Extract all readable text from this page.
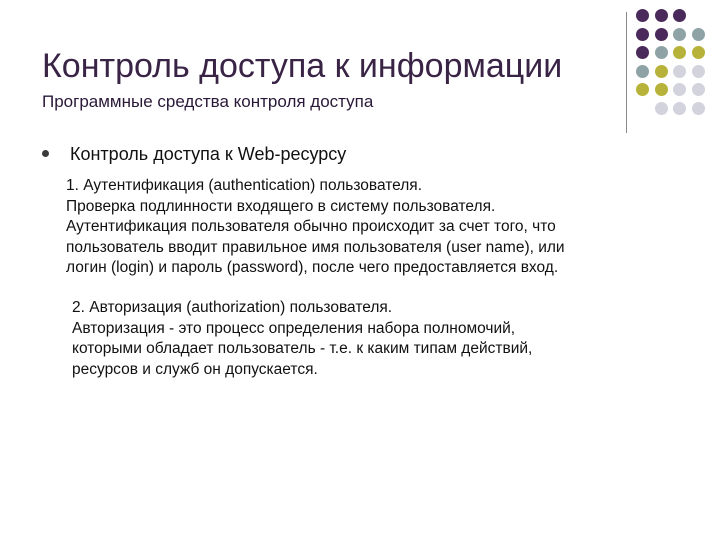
Контроль доступа к информации
Программные средства контроля доступа
Контроль доступа к Web-ресурсу
1. Аутентификация (authentication) пользователя.
Проверка подлинности входящего в систему пользователя.
Аутентификация пользователя обычно происходит за счет того, что
пользователь вводит правильное имя пользователя (user name), или
логин (login) и пароль (password), после чего предоставляется вход.
2. Авторизация (authorization) пользователя.
Авторизация - это процесс определения набора полномочий,
которыми обладает пользователь - т.е. к каким типам действий,
ресурсов и служб он допускается.
